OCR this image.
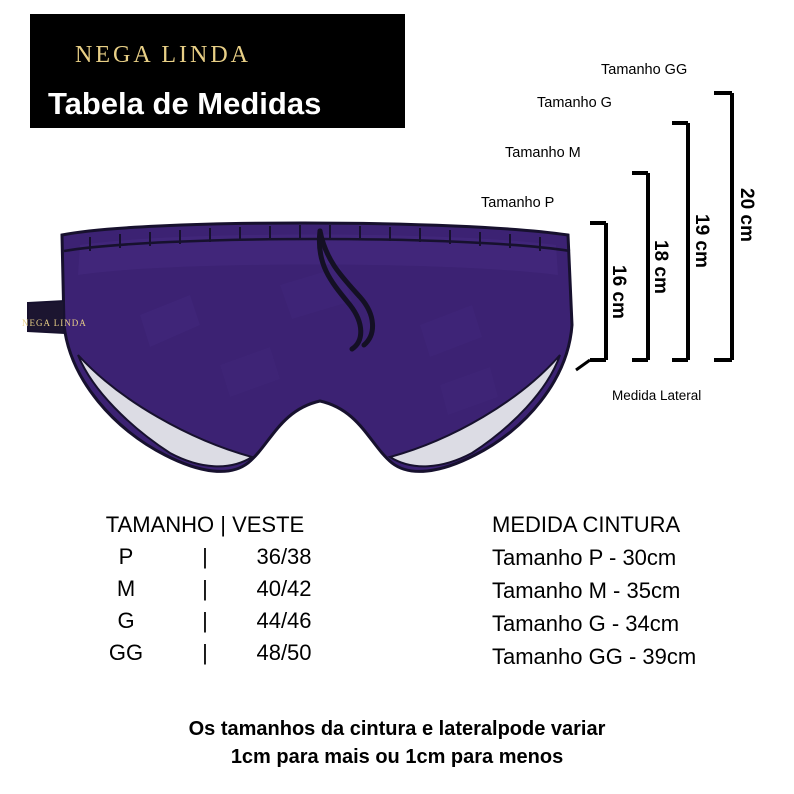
NEGA LINDA
Tabela de Medidas
NEGA LINDA
Tamanho GG
Tamanho G
Tamanho M
Tamanho P	20 cm
19 cm
18 cm
16 cm
Medida Lateral
TAMANHO | VESTE
P	|	36/38
M	|	40/42
G	|	44/46
GG	|	48/50
MEDIDA CINTURA
Tamanho P - 30cm
Tamanho M - 35cm
Tamanho G - 34cm
Tamanho GG - 39cm
Os tamanhos da cintura e lateralpode variar
1cm para mais ou 1cm para menos
